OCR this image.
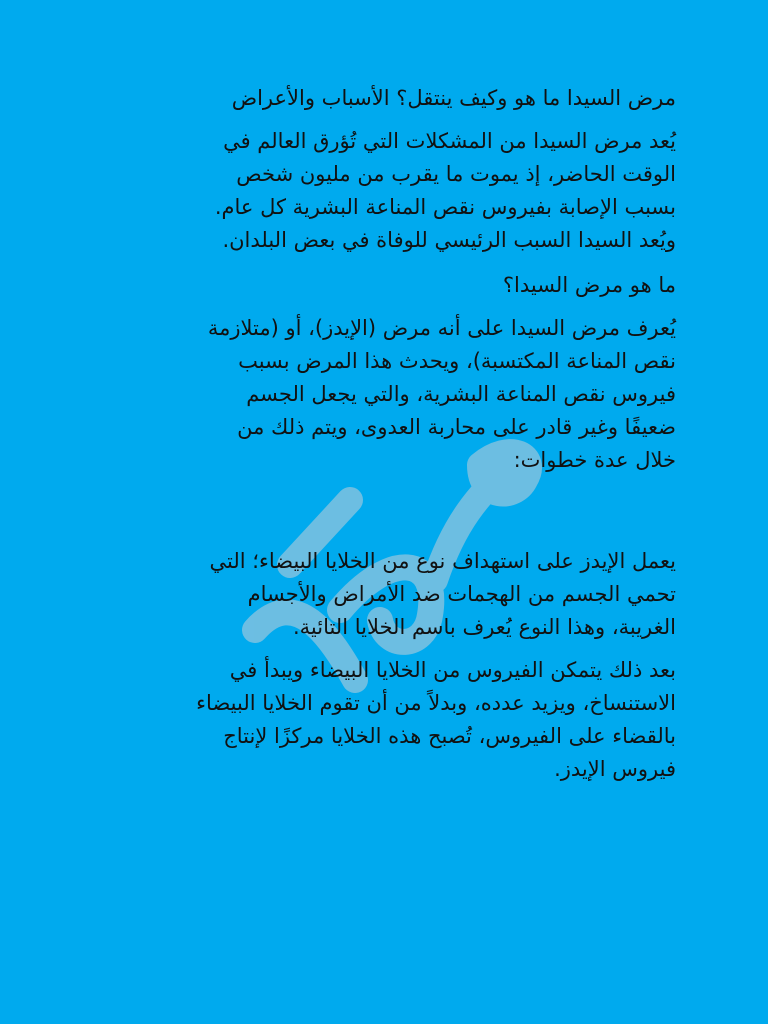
مرض السيدا ما هو وكيف ينتقل؟ الأسباب والأعراض

يُعد مرض السيدا من المشكلات التي تُؤرق العالم في الوقت الحاضر، إذ يموت ما يقرب من مليون شخص بسبب الإصابة بفيروس نقص المناعة البشرية كل عام. ويُعد السيدا السبب الرئيسي للوفاة في بعض البلدان.

ما هو مرض السيدا؟

يُعرف مرض السيدا على أنه مرض (الإيدز)، أو (متلازمة نقص المناعة المكتسبة)، ويحدث هذا المرض بسبب فيروس نقص المناعة البشرية، والتي يجعل الجسم ضعيفًا وغير قادر على محاربة العدوى، ويتم ذلك من خلال عدة خطوات:

يعمل الإيدز على استهداف نوع من الخلايا البيضاء؛ التي تحمي الجسم من الهجمات ضد الأمراض والأجسام الغريبة، وهذا النوع يُعرف باسم الخلايا التائية.

بعد ذلك يتمكن الفيروس من الخلايا البيضاء ويبدأ في الاستنساخ، ويزيد عدده، وبدلاً من أن تقوم الخلايا البيضاء بالقضاء على الفيروس، تُصبح هذه الخلايا مركزًا لإنتاج فيروس الإيدز.
